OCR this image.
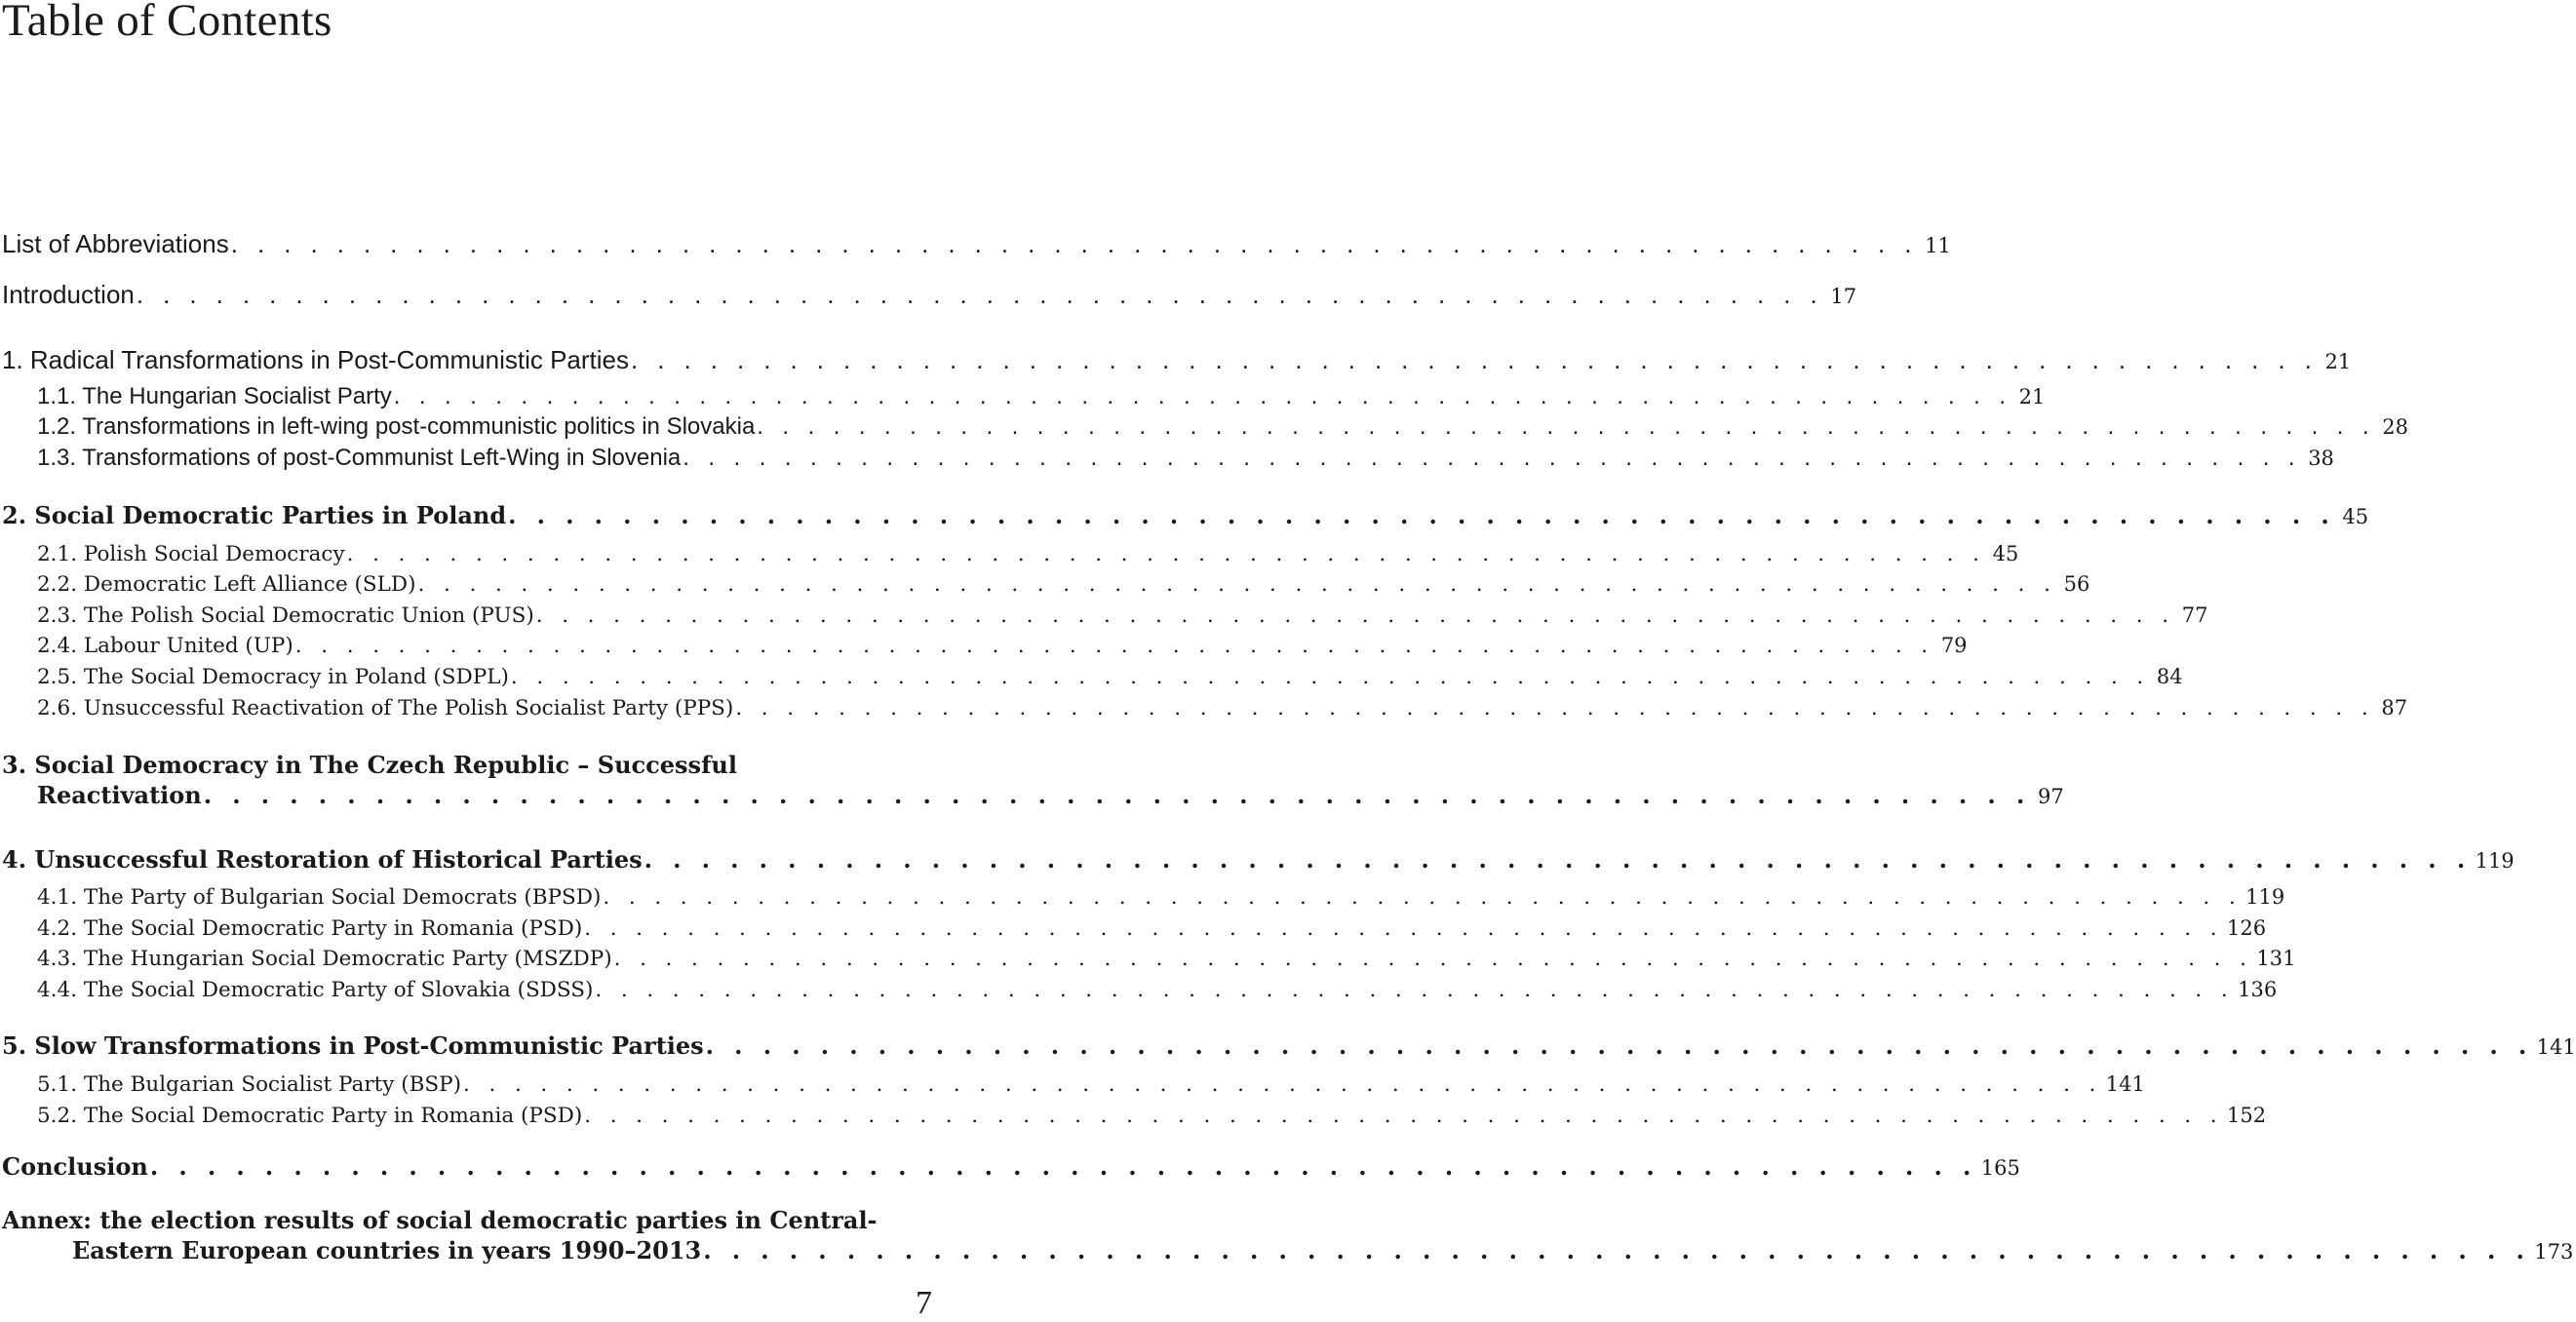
Table of Contents
List of Abbreviations . . . . . . . . . . . . . . . . . . . . . . . . . . . . . . . . . . . . . . . . . . . . . . . . . . . . . . . . . . . . . . . . 11
Introduction . . . . . . . . . . . . . . . . . . . . . . . . . . . . . . . . . . . . . . . . . . . . . . . . . . . . . . . . . . . . . . . . 17
1. Radical Transformations in Post-Communistic Parties . . . . . . . . . . . . . . . . . . . . . . . . . . . . . . . . . . . . . . . . . . . . . . . . . . . . . . . . . . . . . . . . 21
1.1. The Hungarian Socialist Party . . . . . . . . . . . . . . . . . . . . . . . . . . . . . . . . . . . . . . . . . . . . . . . . . . . . . . . . . . . . . . . . 21
1.2. Transformations in left-wing post-communistic politics in Slovakia . . . . . . . . . . . . . . . . . . . . . . . . . . . . . . . . . . . . . . . . . . . . . . . . . . . . . . . . . . . . . . . . 28
1.3. Transformations of post-Communist Left-Wing in Slovenia . . . . . . . . . . . . . . . . . . . . . . . . . . . . . . . . . . . . . . . . . . . . . . . . . . . . . . . . . . . . . . . . 38
2. Social Democratic Parties in Poland . . . . . . . . . . . . . . . . . . . . . . . . . . . . . . . . . . . . . . . . . . . . . . . . . . . . . . . . . . . . . . . . 45
2.1. Polish Social Democracy . . . . . . . . . . . . . . . . . . . . . . . . . . . . . . . . . . . . . . . . . . . . . . . . . . . . . . . . . . . . . . . . 45
2.2. Democratic Left Alliance (SLD) . . . . . . . . . . . . . . . . . . . . . . . . . . . . . . . . . . . . . . . . . . . . . . . . . . . . . . . . . . . . . . . . 56
2.3. The Polish Social Democratic Union (PUS) . . . . . . . . . . . . . . . . . . . . . . . . . . . . . . . . . . . . . . . . . . . . . . . . . . . . . . . . . . . . . . . . 77
2.4. Labour United (UP) . . . . . . . . . . . . . . . . . . . . . . . . . . . . . . . . . . . . . . . . . . . . . . . . . . . . . . . . . . . . . . . . 79
2.5. The Social Democracy in Poland (SDPL) . . . . . . . . . . . . . . . . . . . . . . . . . . . . . . . . . . . . . . . . . . . . . . . . . . . . . . . . . . . . . . . . 84
2.6. Unsuccessful Reactivation of The Polish Socialist Party (PPS) . . . . . . . . . . . . . . . . . . . . . . . . . . . . . . . . . . . . . . . . . . . . . . . . . . . . . . . . . . . . . . . . 87
3. Social Democracy in The Czech Republic – Successful
Reactivation . . . . . . . . . . . . . . . . . . . . . . . . . . . . . . . . . . . . . . . . . . . . . . . . . . . . . . . . . . . . . . . . 97
4. Unsuccessful Restoration of Historical Parties . . . . . . . . . . . . . . . . . . . . . . . . . . . . . . . . . . . . . . . . . . . . . . . . . . . . . . . . . . . . . . . . 119
4.1. The Party of Bulgarian Social Democrats (BPSD) . . . . . . . . . . . . . . . . . . . . . . . . . . . . . . . . . . . . . . . . . . . . . . . . . . . . . . . . . . . . . . . . 119
4.2. The Social Democratic Party in Romania (PSD) . . . . . . . . . . . . . . . . . . . . . . . . . . . . . . . . . . . . . . . . . . . . . . . . . . . . . . . . . . . . . . . . 126
4.3. The Hungarian Social Democratic Party (MSZDP) . . . . . . . . . . . . . . . . . . . . . . . . . . . . . . . . . . . . . . . . . . . . . . . . . . . . . . . . . . . . . . . . 131
4.4. The Social Democratic Party of Slovakia (SDSS) . . . . . . . . . . . . . . . . . . . . . . . . . . . . . . . . . . . . . . . . . . . . . . . . . . . . . . . . . . . . . . . . 136
5. Slow Transformations in Post-Communistic Parties . . . . . . . . . . . . . . . . . . . . . . . . . . . . . . . . . . . . . . . . . . . . . . . . . . . . . . . . . . . . . . . . 141
5.1. The Bulgarian Socialist Party (BSP) . . . . . . . . . . . . . . . . . . . . . . . . . . . . . . . . . . . . . . . . . . . . . . . . . . . . . . . . . . . . . . . . 141
5.2. The Social Democratic Party in Romania (PSD) . . . . . . . . . . . . . . . . . . . . . . . . . . . . . . . . . . . . . . . . . . . . . . . . . . . . . . . . . . . . . . . . 152
Conclusion . . . . . . . . . . . . . . . . . . . . . . . . . . . . . . . . . . . . . . . . . . . . . . . . . . . . . . . . . . . . . . . . 165
Annex: the election results of social democratic parties in Central-
Eastern European countries in years 1990–2013 . . . . . . . . . . . . . . . . . . . . . . . . . . . . . . . . . . . . . . . . . . . . . . . . . . . . . . . . . . . . . . . . 173
7
